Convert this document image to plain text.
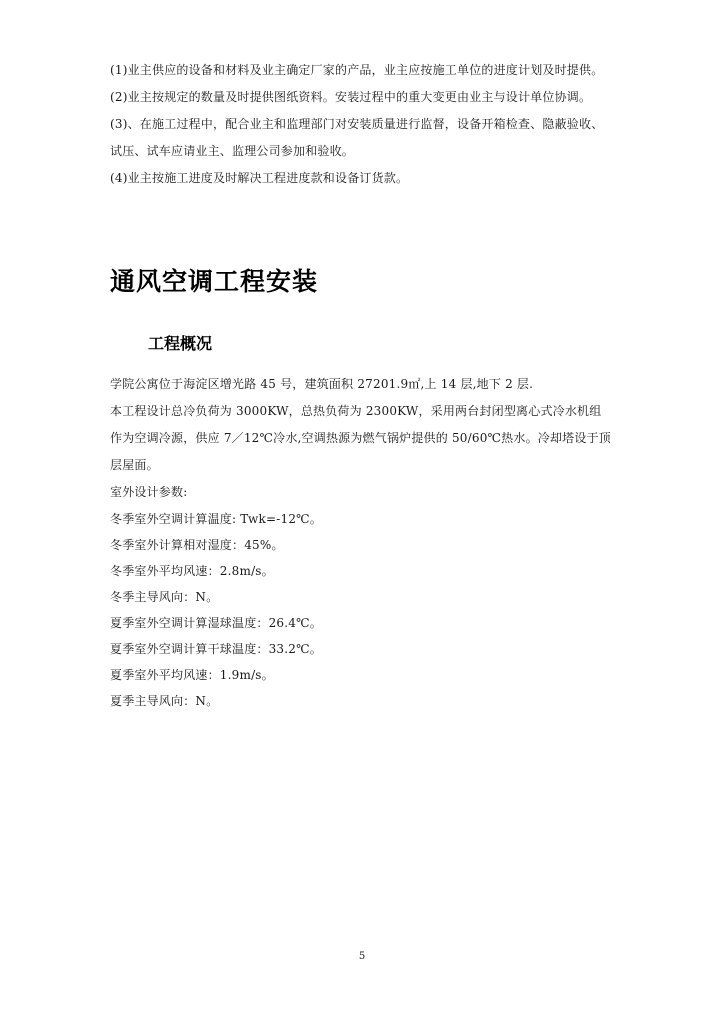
(1)业主供应的设备和材料及业主确定厂家的产品，业主应按施工单位的进度计划及时提供。
(2)业主按规定的数量及时提供图纸资料。安装过程中的重大变更由业主与设计单位协调。
(3)、在施工过程中，配合业主和监理部门对安装质量进行监督，设备开箱检查、隐蔽验收、
试压、试车应请业主、监理公司参加和验收。
(4)业主按施工进度及时解决工程进度款和设备订货款。
通风空调工程安装
工程概况
学院公寓位于海淀区增光路 45 号，建筑面积 27201.9㎡,上 14 层,地下 2 层.
本工程设计总冷负荷为 3000KW，总热负荷为 2300KW，采用两台封闭型离心式冷水机组
作为空调冷源，供应 7／12℃冷水,空调热源为燃气锅炉提供的 50/60℃热水。冷却塔设于顶
层屋面。
室外设计参数:
冬季室外空调计算温度: Twk=-12℃。
冬季室外计算相对湿度：45%。
冬季室外平均风速：2.8m/s。
冬季主导风向：N。
夏季室外空调计算湿球温度：26.4℃。
夏季室外空调计算干球温度：33.2℃。
夏季室外平均风速：1.9m/s。
夏季主导风向：N。
5
